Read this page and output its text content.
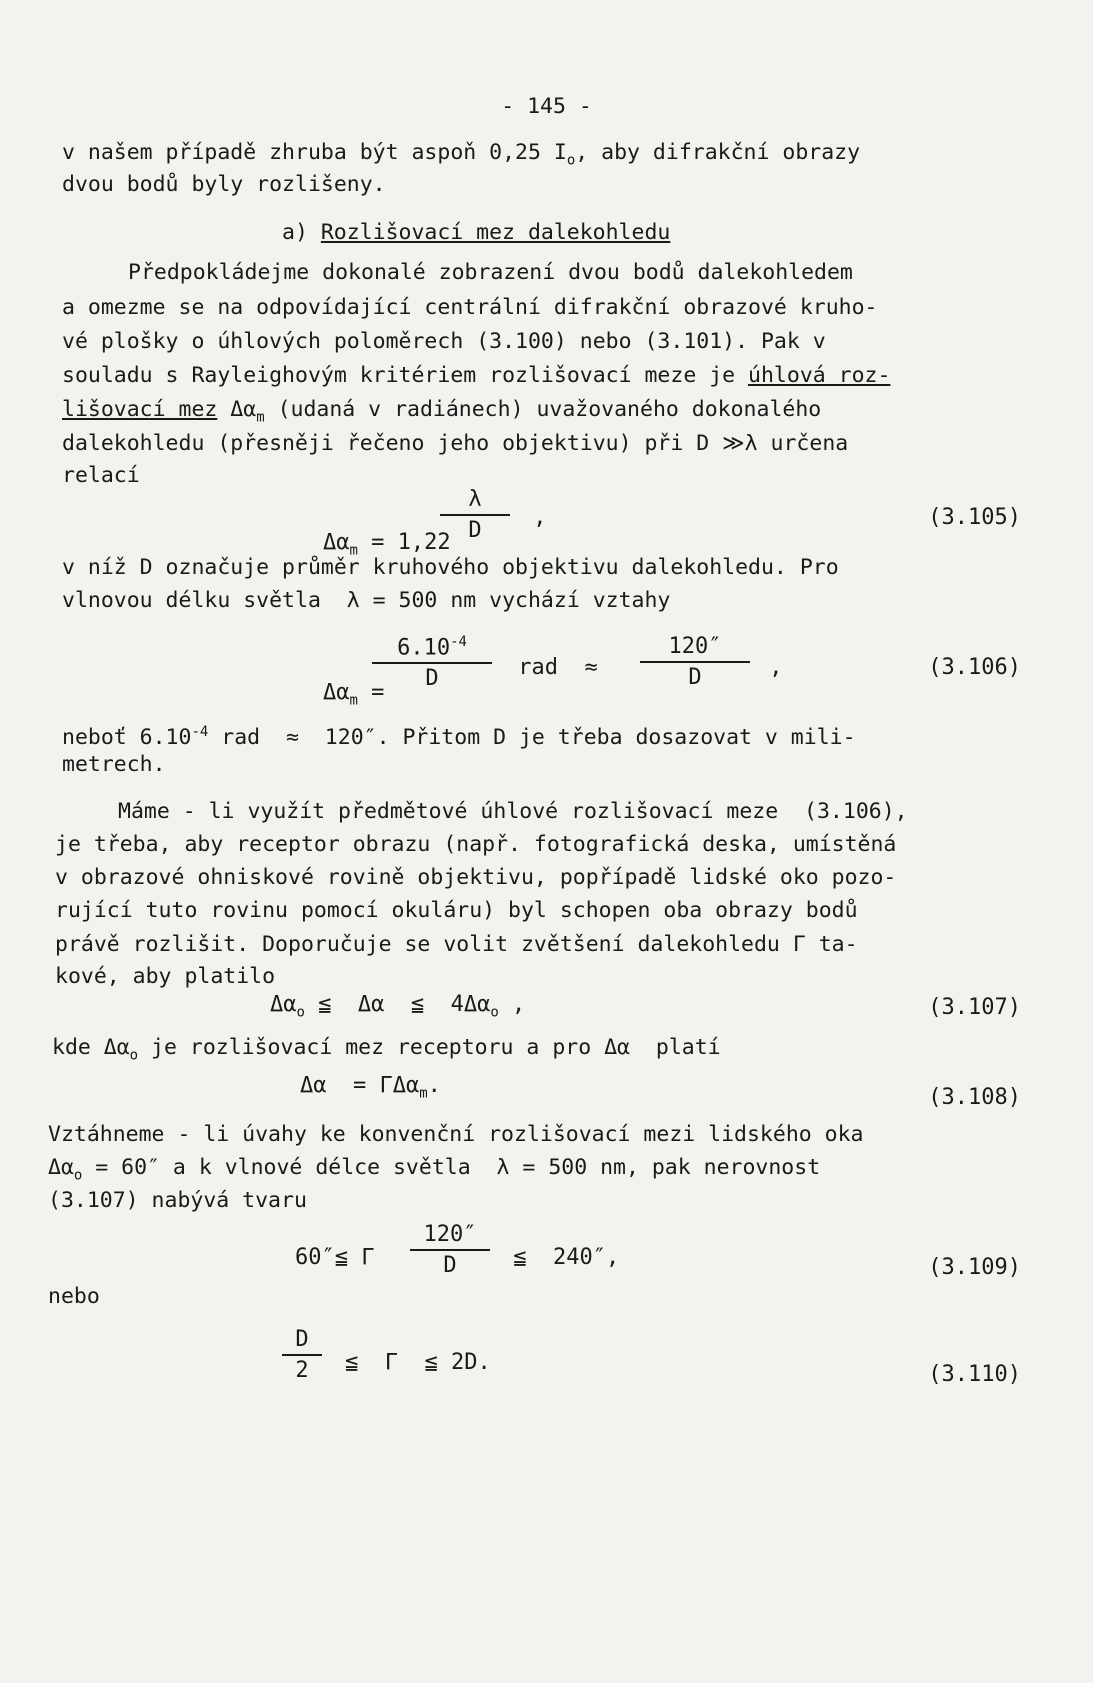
- 145 -
v našem případě zhruba být aspoň 0,25 $I_o$, aby difrakční obrazy
dvou bodů byly rozlišeny.
a) Rozlišovací mez dalekohledu
Předpokládejme dokonalé zobrazení dvou bodů dalekohledem
a omezme se na odpovídající centrální difrakční obrazové kruho-
vé plošky o úhlových poloměrech (3.100) nebo (3.101). Pak v
souladu s Rayleighovým kritériem rozlišovací meze je úhlová roz-
lišovací mez $\Delta\alpha_m$ (udaná v radiánech) uvažovaného dokonalého
dalekohledu (přesněji řečeno jeho objektivu) při D ≫λ určena
relací

$\Delta\alpha_m = 1,22$

λ
D
,	(3.105)
v níž D označuje průměr kruhového objektivu dalekohledu. Pro
vlnovou délku světla  λ = 500 nm vychází vztahy

$\Delta\alpha_m$ =

$6.10^{-4}$
D	rad  ≈
120″
D	,	(3.106)
neboť $6.10^{-4}$ rad  ≈  120″. Přitom D je třeba dosazovat v mili-
metrech.
Máme - li využít předmětové úhlové rozlišovací meze  (3.106),
je třeba, aby receptor obrazu (např. fotografická deska, umístěná
v obrazové ohniskové rovině objektivu, popřípadě lidské oko pozo-
rující tuto rovinu pomocí okuláru) byl schopen oba obrazy bodů
právě rozlišit. Doporučuje se volit zvětšení dalekohledu Γ ta-
kové, aby platilo
$\Delta\alpha_o$ ≦  Δα  ≦  $4\Delta\alpha_o$ ,	(3.107)
kde $\Delta\alpha_o$ je rozlišovací mez receptoru a pro Δα  platí
Δα  = ΓΔα$_m$.	(3.108)
Vztáhneme - li úvahy ke konvenční rozlišovací mezi lidského oka
$\Delta\alpha_o = 60''$ a k vlnové délce světla  λ = 500 nm, pak nerovnost
(3.107) nabývá tvaru
60″≦ Γ
120″
D	≦  240″,	(3.109)
nebo
D
2	≦  Γ  ≦ 2D.	(3.110)
